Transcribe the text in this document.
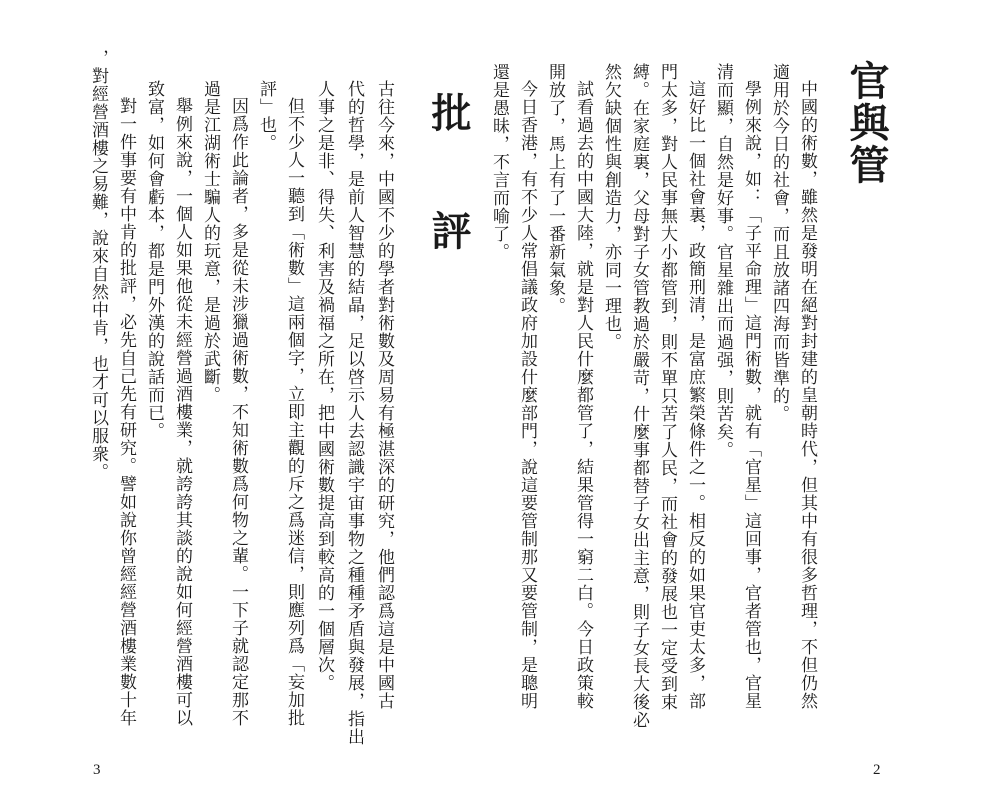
批 評
古往今來，中國不少的學者對術數及周易有極湛深的研究，他們認爲這是中國古
代的哲學，是前人智慧的結晶，足以啓示人去認識宇宙事物之種種矛盾與發展，指出
人事之是非、得失、利害及禍福之所在，把中國術數提高到較高的一個層次。
但不少人一聽到「術數」這兩個字，立即主觀的斥之爲迷信，則應列爲「妄加批
評」也。
因爲作此論者，多是從未涉獵過術數，不知術數爲何物之輩。一下子就認定那不
過是江湖術士騙人的玩意，是過於武斷。
舉例來說，一個人如果他從未經營過酒樓業，就誇誇其談的說如何經營酒樓可以
致富，如何會虧本，都是門外漢的說話而已。
對一件事要有中肯的批評，必先自己先有研究。譬如說你曾經經營酒樓業數十年
，對經營酒樓之易難，說來自然中肯，也才可以服衆。
3
官與管
中國的術數，雖然是發明在絕對封建的皇朝時代，但其中有很多哲理，不但仍然
適用於今日的社會，而且放諸四海而皆準的。
學例來說，如：「子平命理」這門術數，就有「官星」這回事，官者管也，官星
清而顯，自然是好事。官星雜出而過强，則苦矣。
這好比一個社會裏，政簡刑清，是富庶繁榮條件之一。相反的如果官吏太多，部
門太多，對人民事無大小都管到，則不單只苦了人民，而社會的發展也一定受到束
縛。在家庭裏，父母對子女管教過於嚴苛，什麼事都替子女出主意，則子女長大後必
然欠缺個性與創造力，亦同一理也。
試看過去的中國大陸，就是對人民什麼都管了，結果管得一窮二白。今日政策較
開放了，馬上有了一番新氣象。
今日香港，有不少人常倡議政府加設什麼部門，說這要管制那又要管制，是聰明
還是愚昧，不言而喻了。
2
